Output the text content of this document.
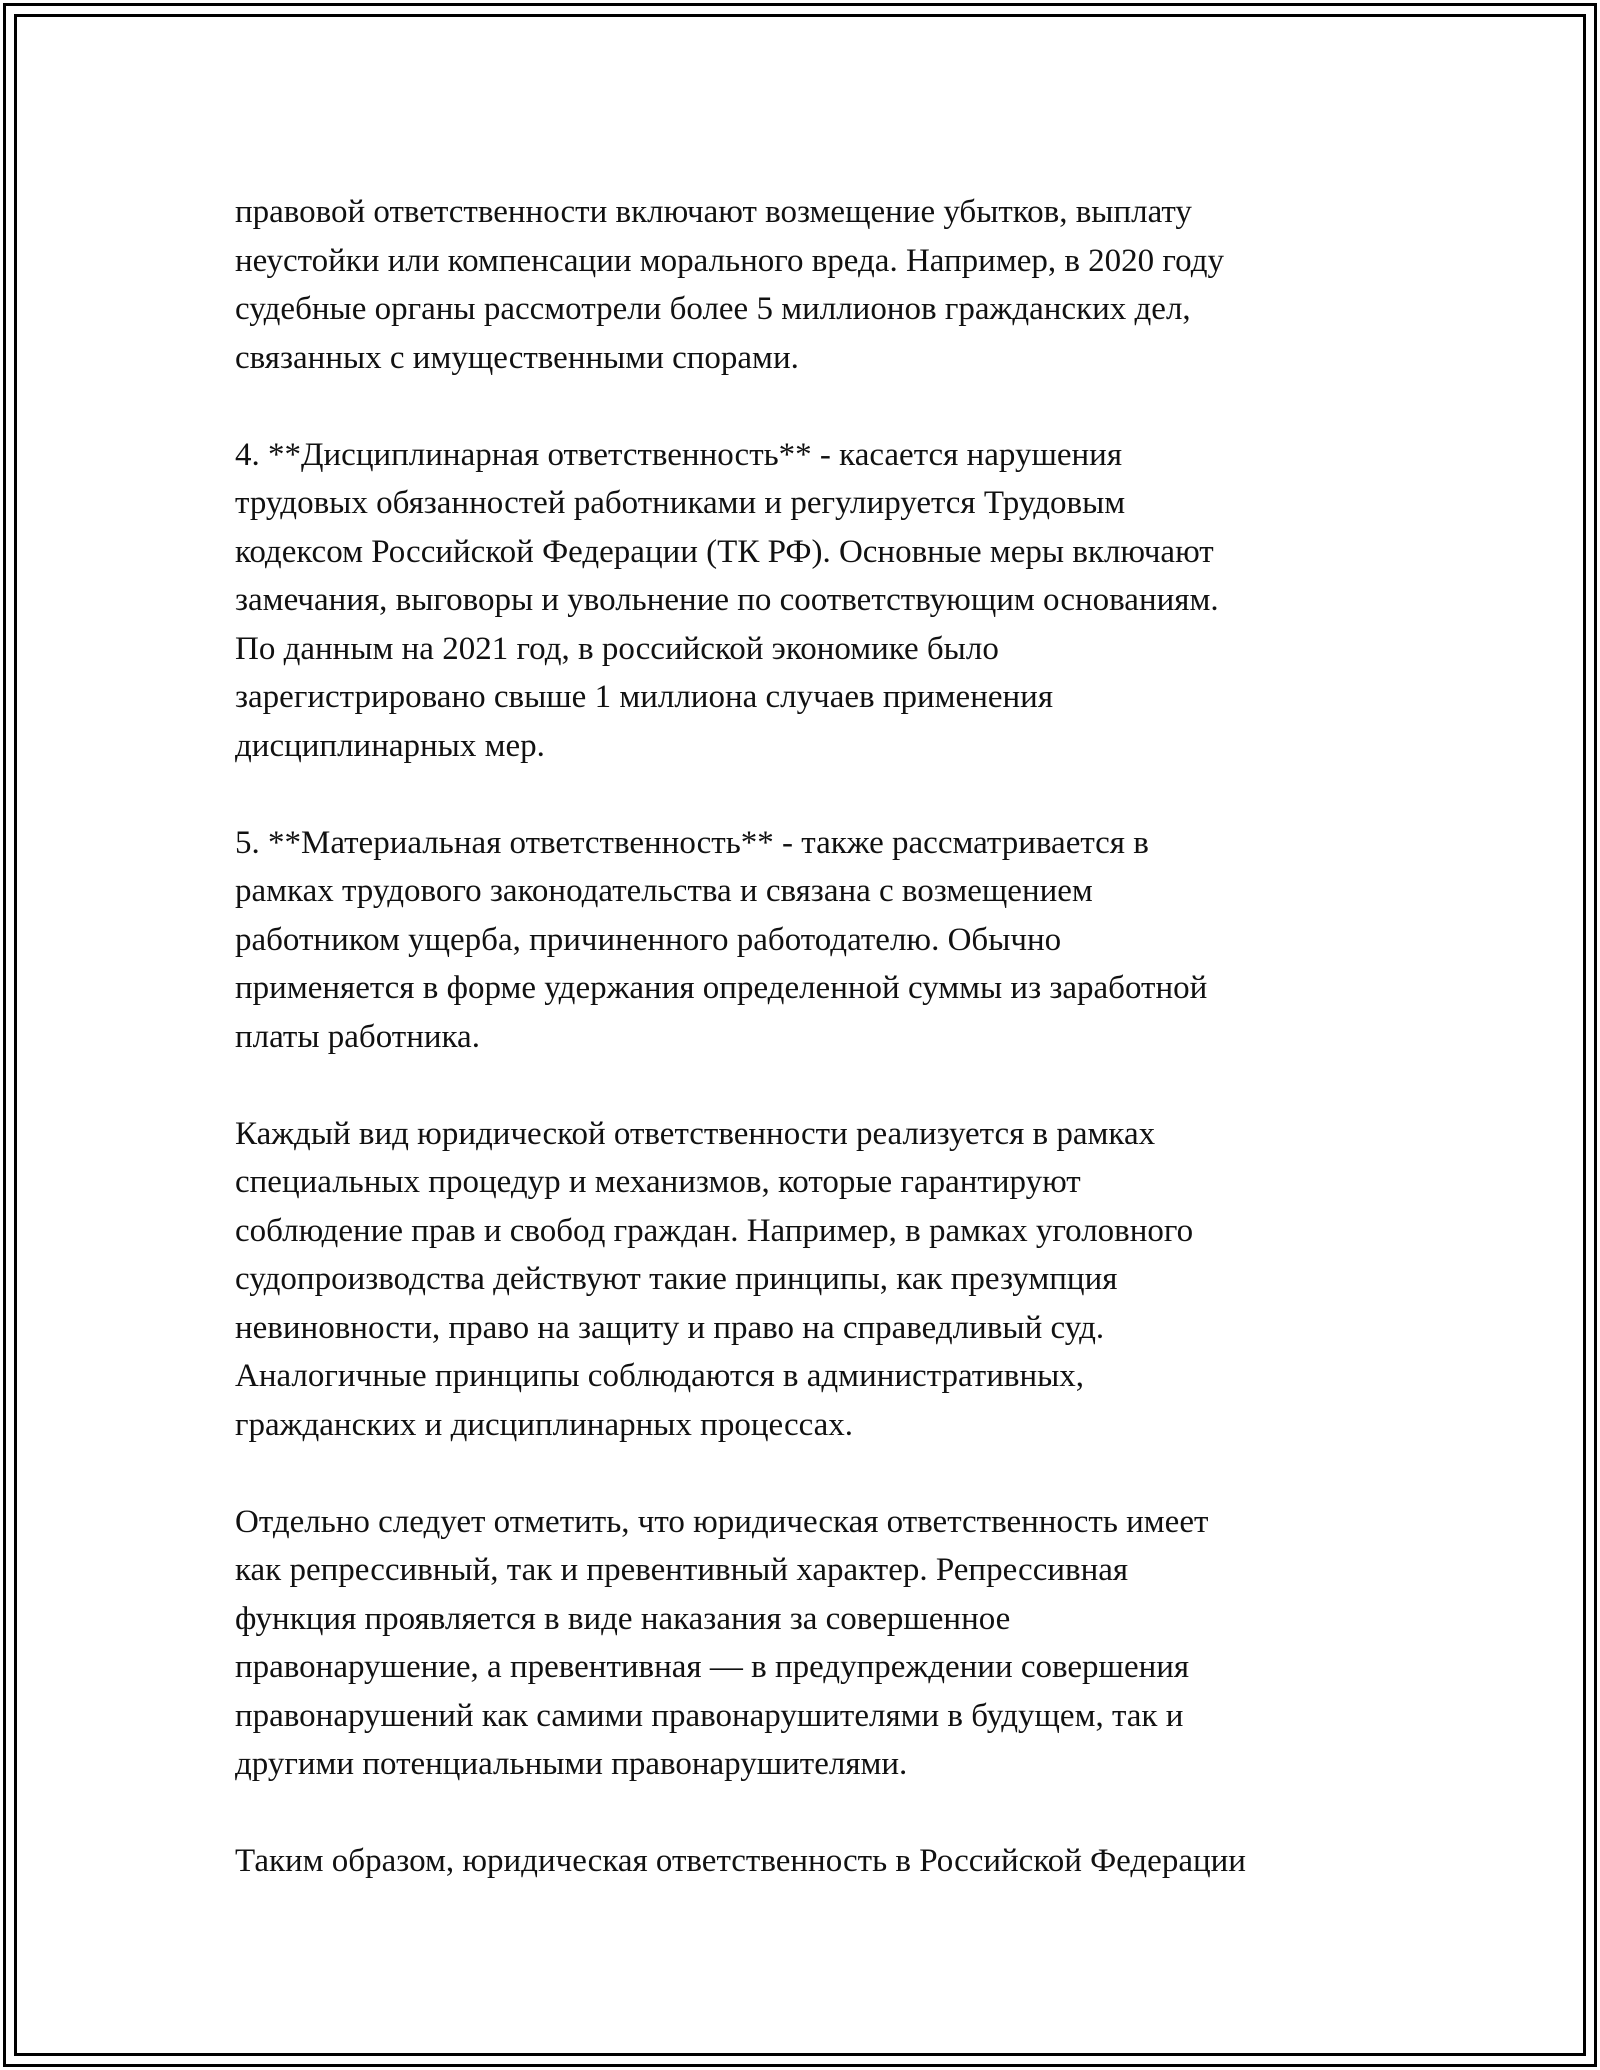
правовой ответственности включают возмещение убытков, выплату
неустойки или компенсации морального вреда. Например, в 2020 году
судебные органы рассмотрели более 5 миллионов гражданских дел,
связанных с имущественными спорами.

4. **Дисциплинарная ответственность** - касается нарушения
трудовых обязанностей работниками и регулируется Трудовым
кодексом Российской Федерации (ТК РФ). Основные меры включают
замечания, выговоры и увольнение по соответствующим основаниям.
По данным на 2021 год, в российской экономике было
зарегистрировано свыше 1 миллиона случаев применения
дисциплинарных мер.

5. **Материальная ответственность** - также рассматривается в
рамках трудового законодательства и связана с возмещением
работником ущерба, причиненного работодателю. Обычно
применяется в форме удержания определенной суммы из заработной
платы работника.

Каждый вид юридической ответственности реализуется в рамках
специальных процедур и механизмов, которые гарантируют
соблюдение прав и свобод граждан. Например, в рамках уголовного
судопроизводства действуют такие принципы, как презумпция
невиновности, право на защиту и право на справедливый суд.
Аналогичные принципы соблюдаются в административных,
гражданских и дисциплинарных процессах.

Отдельно следует отметить, что юридическая ответственность имеет
как репрессивный, так и превентивный характер. Репрессивная
функция проявляется в виде наказания за совершенное
правонарушение, а превентивная — в предупреждении совершения
правонарушений как самими правонарушителями в будущем, так и
другими потенциальными правонарушителями.

Таким образом, юридическая ответственность в Российской Федерации
